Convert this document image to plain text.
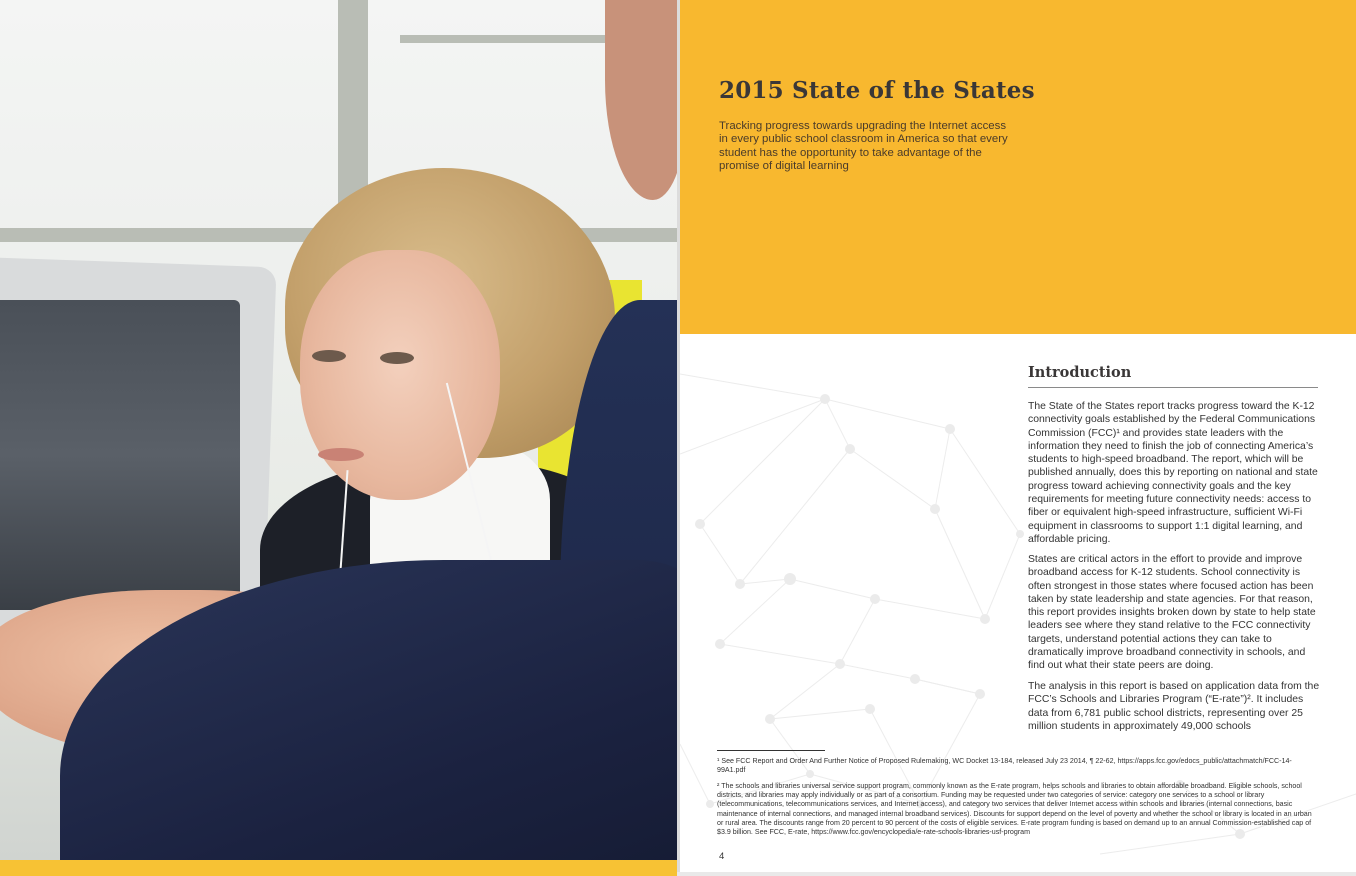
2015 State of the States

Tracking progress towards upgrading the Internet access in every public school classroom in America so that every student has the opportunity to take advantage of the promise of digital learning

Introduction

The State of the States report tracks progress toward the K-12 connectivity goals established by the Federal Communications Commission (FCC)¹ and provides state leaders with the information they need to finish the job of connecting America’s students to high-speed broadband. The report, which will be published annually, does this by reporting on national and state progress toward achieving connectivity goals and the key requirements for meeting future connectivity needs: access to fiber or equivalent high-speed infrastructure, sufficient Wi-Fi equipment in classrooms to support 1:1 digital learning, and affordable pricing.

States are critical actors in the effort to provide and improve broadband access for K-12 students. School connectivity is often strongest in those states where focused action has been taken by state leadership and state agencies. For that reason, this report provides insights broken down by state to help state leaders see where they stand relative to the FCC connectivity targets, understand potential actions they can take to dramatically improve broadband connectivity in schools, and find out what their state peers are doing.

The analysis in this report is based on application data from the FCC’s Schools and Libraries Program (“E-rate”)². It includes data from 6,781 public school districts, representing over 25 million students in approximately 49,000 schools

¹ See FCC Report and Order And Further Notice of Proposed Rulemaking, WC Docket 13-184, released July 23 2014, ¶ 22-62, https://apps.fcc.gov/edocs_public/attachmatch/FCC-14-99A1.pdf

² The schools and libraries universal service support program, commonly known as the E-rate program, helps schools and libraries to obtain affordable broadband. Eligible schools, school districts, and libraries may apply individually or as part of a consortium. Funding may be requested under two categories of service: category one services to a school or library (telecommunications, telecommunications services, and Internet access), and category two services that deliver Internet access within schools and libraries (internal connections, basic maintenance of internal connections, and managed internal broadband services). Discounts for support depend on the level of poverty and whether the school or library is located in an urban or rural area. The discounts range from 20 percent to 90 percent of the costs of eligible services. E-rate program funding is based on demand up to an annual Commission-established cap of $3.9 billion. See FCC, E-rate, https://www.fcc.gov/encyclopedia/e-rate-schools-libraries-usf-program

4
